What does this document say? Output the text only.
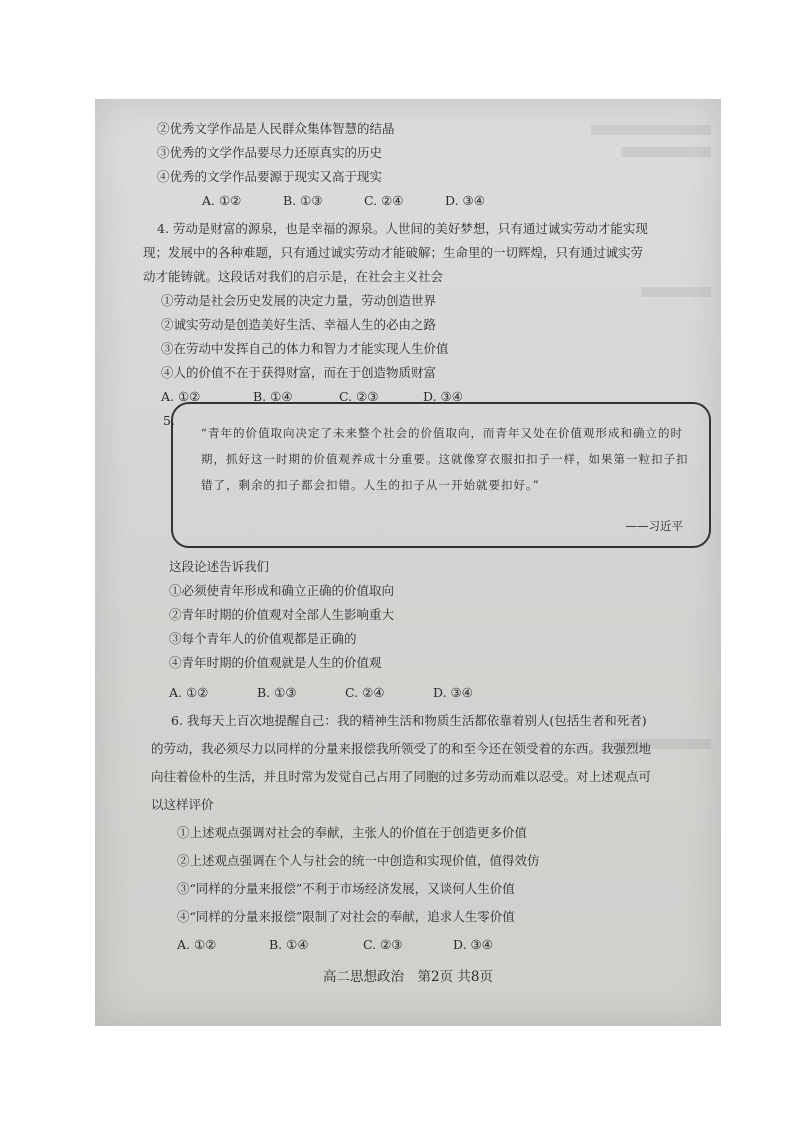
②优秀文学作品是人民群众集体智慧的结晶
③优秀的文学作品要尽力还原真实的历史
④优秀的文学作品要源于现实又高于现实
A. ①②	B. ①③	C. ②④	D. ③④
4. 劳动是财富的源泉，也是幸福的源泉。人世间的美好梦想，只有通过诚实劳动才能实现
现；发展中的各种难题，只有通过诚实劳动才能破解；生命里的一切辉煌，只有通过诚实劳
动才能铸就。这段话对我们的启示是，在社会主义社会
①劳动是社会历史发展的决定力量，劳动创造世界
②诚实劳动是创造美好生活、幸福人生的必由之路
③在劳动中发挥自己的体力和智力才能实现人生价值
④人的价值不在于获得财富，而在于创造物质财富
A. ①②	B. ①④	C. ②③	D. ③④
5.
“青年的价值取向决定了未来整个社会的价值取向，而青年又处在价值观形成和确立的时期，抓好这一时期的价值观养成十分重要。这就像穿衣服扣扣子一样，如果第一粒扣子扣错了，剩余的扣子都会扣错。人生的扣子从一开始就要扣好。”
——习近平
这段论述告诉我们
①必须使青年形成和确立正确的价值取向
②青年时期的价值观对全部人生影响重大
③每个青年人的价值观都是正确的
④青年时期的价值观就是人生的价值观
A. ①②	B. ①③	C. ②④	D. ③④
6. 我每天上百次地提醒自己：我的精神生活和物质生活都依靠着别人(包括生者和死者)
的劳动，我必须尽力以同样的分量来报偿我所领受了的和至今还在领受着的东西。我强烈地
向往着俭朴的生活，并且时常为发觉自己占用了同胞的过多劳动而难以忍受。对上述观点可
以这样评价
①上述观点强调对社会的奉献，主张人的价值在于创造更多价值
②上述观点强调在个人与社会的统一中创造和实现价值，值得效仿
③“同样的分量来报偿”不利于市场经济发展，又谈何人生价值
④“同样的分量来报偿”限制了对社会的奉献，追求人生零价值
A. ①②	B. ①④	C. ②③	D. ③④
高二思想政治　第2页 共8页
